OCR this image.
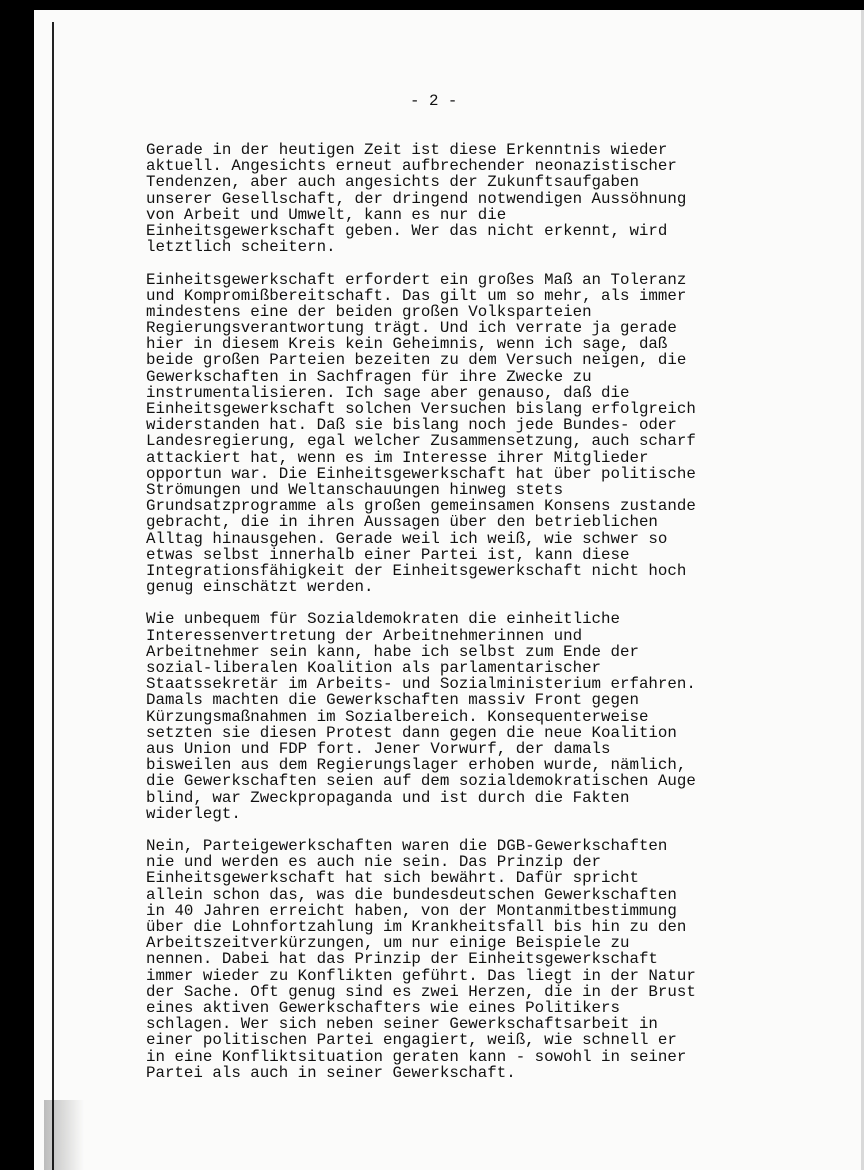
- 2 -

Gerade in der heutigen Zeit ist diese Erkenntnis wieder
aktuell. Angesichts erneut aufbrechender neonazistischer
Tendenzen, aber auch angesichts der Zukunftsaufgaben
unserer Gesellschaft, der dringend notwendigen Aussöhnung
von Arbeit und Umwelt, kann es nur die
Einheitsgewerkschaft geben. Wer das nicht erkennt, wird
letztlich scheitern.

Einheitsgewerkschaft erfordert ein großes Maß an Toleranz
und Kompromißbereitschaft. Das gilt um so mehr, als immer
mindestens eine der beiden großen Volksparteien
Regierungsverantwortung trägt. Und ich verrate ja gerade
hier in diesem Kreis kein Geheimnis, wenn ich sage, daß
beide großen Parteien bezeiten zu dem Versuch neigen, die
Gewerkschaften in Sachfragen für ihre Zwecke zu
instrumentalisieren. Ich sage aber genauso, daß die
Einheitsgewerkschaft solchen Versuchen bislang erfolgreich
widerstanden hat. Daß sie bislang noch jede Bundes- oder
Landesregierung, egal welcher Zusammensetzung, auch scharf
attackiert hat, wenn es im Interesse ihrer Mitglieder
opportun war. Die Einheitsgewerkschaft hat über politische
Strömungen und Weltanschauungen hinweg stets
Grundsatzprogramme als großen gemeinsamen Konsens zustande
gebracht, die in ihren Aussagen über den betrieblichen
Alltag hinausgehen. Gerade weil ich weiß, wie schwer so
etwas selbst innerhalb einer Partei ist, kann diese
Integrationsfähigkeit der Einheitsgewerkschaft nicht hoch
genug einschätzt werden.

Wie unbequem für Sozialdemokraten die einheitliche
Interessenvertretung der Arbeitnehmerinnen und
Arbeitnehmer sein kann, habe ich selbst zum Ende der
sozial-liberalen Koalition als parlamentarischer
Staatssekretär im Arbeits- und Sozialministerium erfahren.
Damals machten die Gewerkschaften massiv Front gegen
Kürzungsmaßnahmen im Sozialbereich. Konsequenterweise
setzten sie diesen Protest dann gegen die neue Koalition
aus Union und FDP fort. Jener Vorwurf, der damals
bisweilen aus dem Regierungslager erhoben wurde, nämlich,
die Gewerkschaften seien auf dem sozialdemokratischen Auge
blind, war Zweckpropaganda und ist durch die Fakten
widerlegt.

Nein, Parteigewerkschaften waren die DGB-Gewerkschaften
nie und werden es auch nie sein. Das Prinzip der
Einheitsgewerkschaft hat sich bewährt. Dafür spricht
allein schon das, was die bundesdeutschen Gewerkschaften
in 40 Jahren erreicht haben, von der Montanmitbestimmung
über die Lohnfortzahlung im Krankheitsfall bis hin zu den
Arbeitszeitverkürzungen, um nur einige Beispiele zu
nennen. Dabei hat das Prinzip der Einheitsgewerkschaft
immer wieder zu Konflikten geführt. Das liegt in der Natur
der Sache. Oft genug sind es zwei Herzen, die in der Brust
eines aktiven Gewerkschafters wie eines Politikers
schlagen. Wer sich neben seiner Gewerkschaftsarbeit in
einer politischen Partei engagiert, weiß, wie schnell er
in eine Konfliktsituation geraten kann - sowohl in seiner
Partei als auch in seiner Gewerkschaft.
